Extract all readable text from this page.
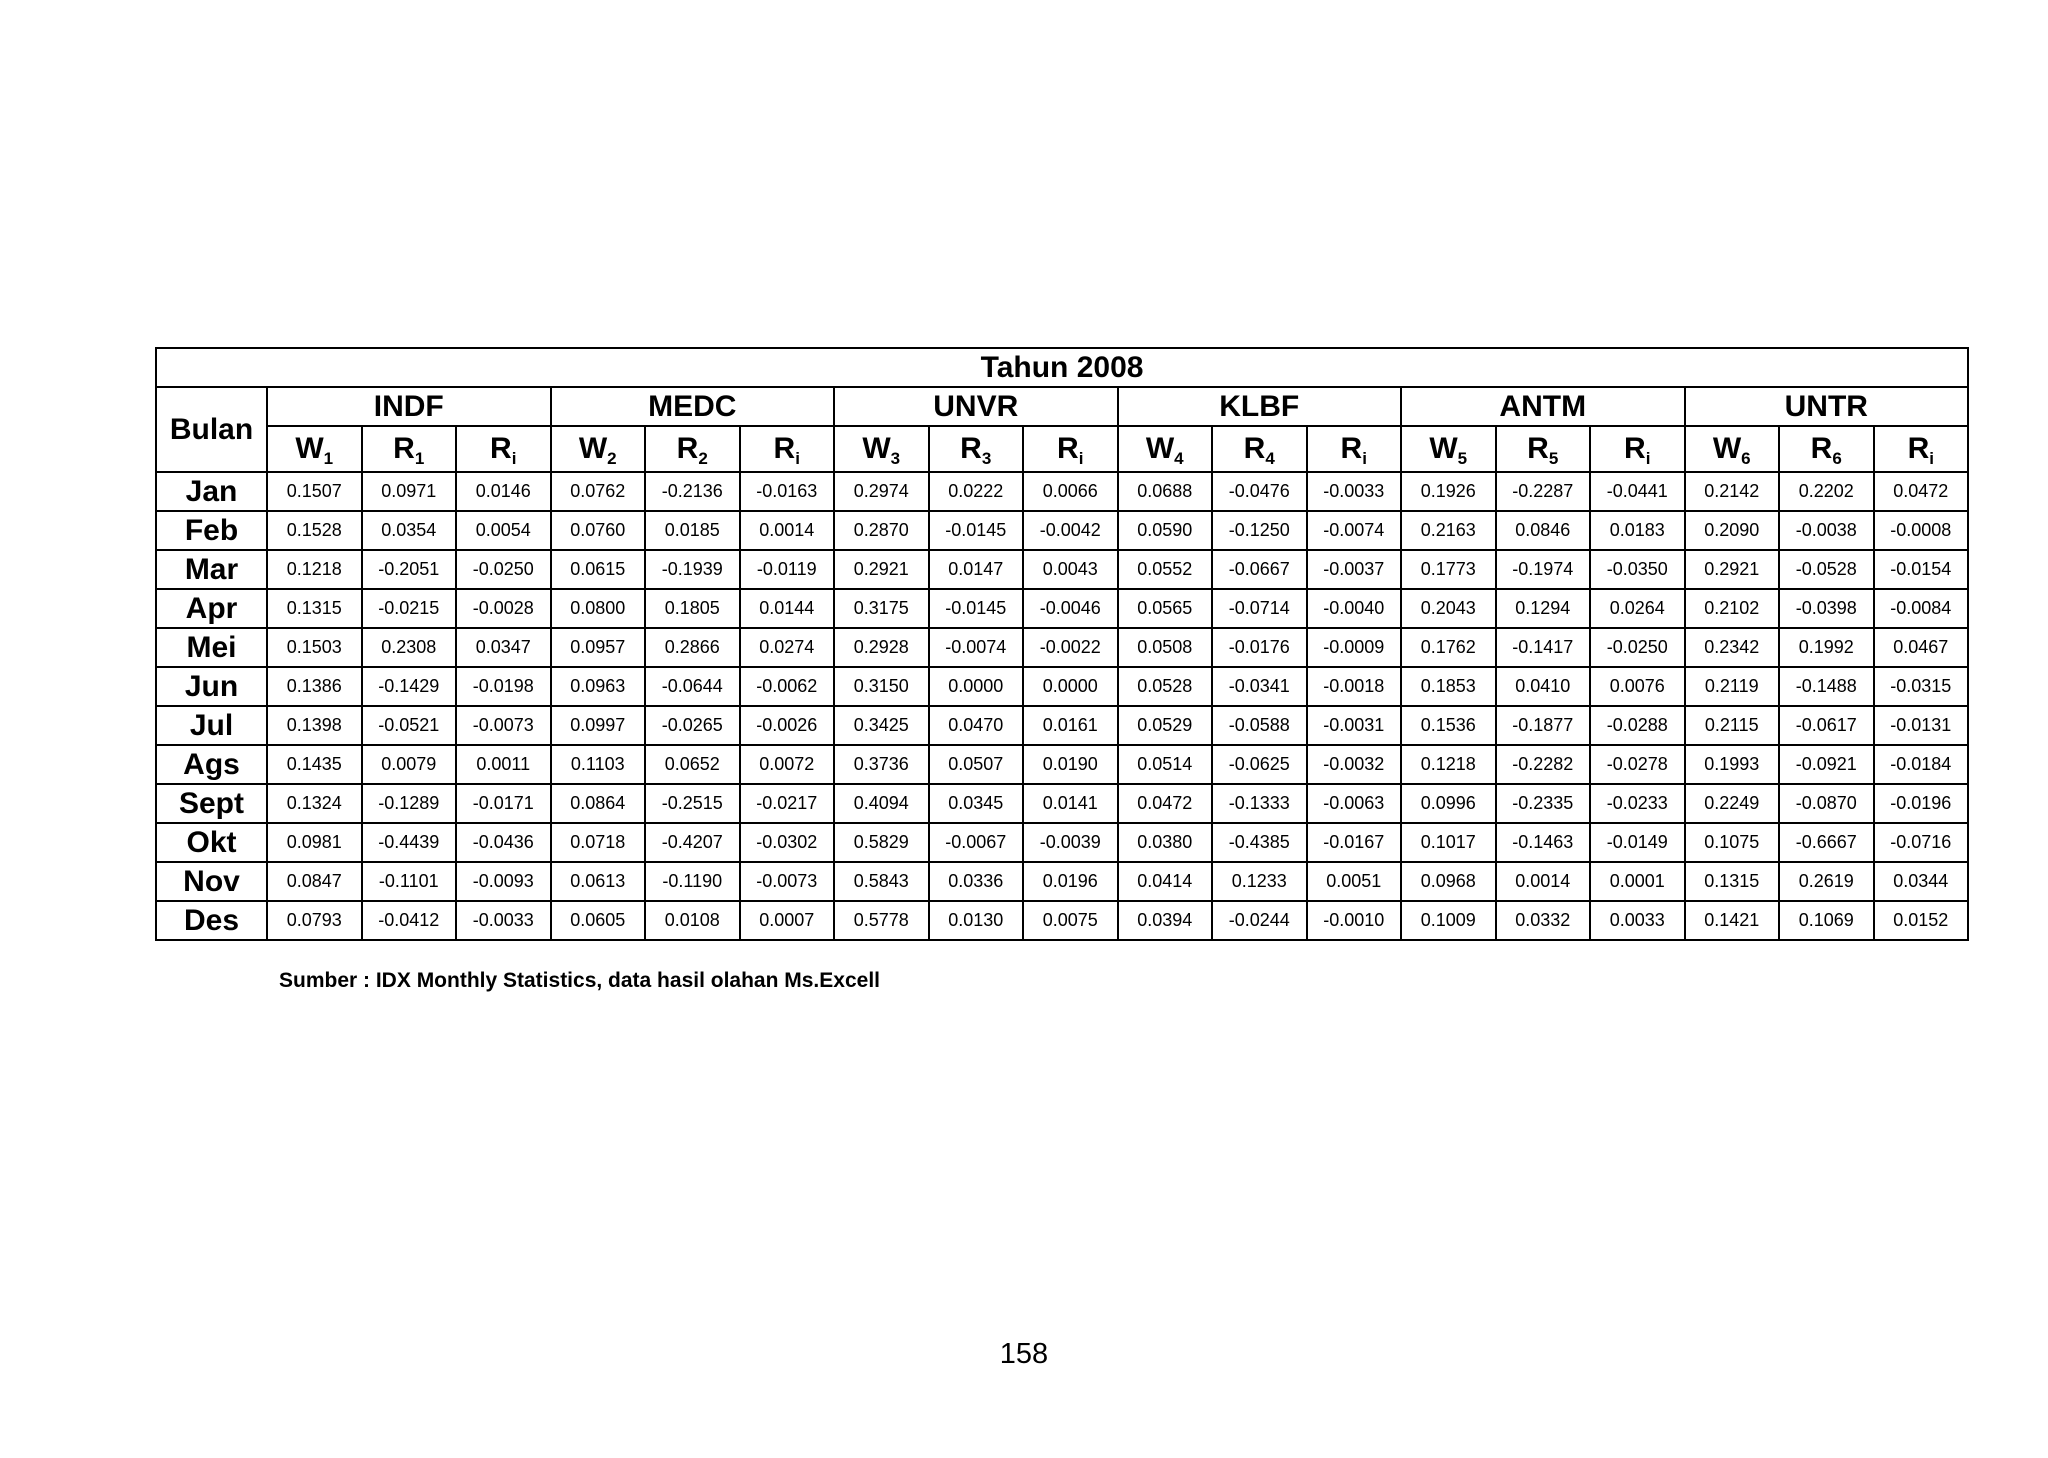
Tahun 2008																		
Bulan	INDF			MEDC			UNVR			KLBF			ANTM			UNTR		
	$W_1$	$R_1$	$R_i$	$W_2$	$R_2$	$R_i$	$W_3$	$R_3$	$R_i$	$W_4$	$R_4$	$R_i$	$W_5$	$R_5$	$R_i$	$W_6$	$R_6$	$R_i$
Jan	0.1507	0.0971	0.0146	0.0762	-0.2136	-0.0163	0.2974	0.0222	0.0066	0.0688	-0.0476	-0.0033	0.1926	-0.2287	-0.0441	0.2142	0.2202	0.0472
Feb	0.1528	0.0354	0.0054	0.0760	0.0185	0.0014	0.2870	-0.0145	-0.0042	0.0590	-0.1250	-0.0074	0.2163	0.0846	0.0183	0.2090	-0.0038	-0.0008
Mar	0.1218	-0.2051	-0.0250	0.0615	-0.1939	-0.0119	0.2921	0.0147	0.0043	0.0552	-0.0667	-0.0037	0.1773	-0.1974	-0.0350	0.2921	-0.0528	-0.0154
Apr	0.1315	-0.0215	-0.0028	0.0800	0.1805	0.0144	0.3175	-0.0145	-0.0046	0.0565	-0.0714	-0.0040	0.2043	0.1294	0.0264	0.2102	-0.0398	-0.0084
Mei	0.1503	0.2308	0.0347	0.0957	0.2866	0.0274	0.2928	-0.0074	-0.0022	0.0508	-0.0176	-0.0009	0.1762	-0.1417	-0.0250	0.2342	0.1992	0.0467
Jun	0.1386	-0.1429	-0.0198	0.0963	-0.0644	-0.0062	0.3150	0.0000	0.0000	0.0528	-0.0341	-0.0018	0.1853	0.0410	0.0076	0.2119	-0.1488	-0.0315
Jul	0.1398	-0.0521	-0.0073	0.0997	-0.0265	-0.0026	0.3425	0.0470	0.0161	0.0529	-0.0588	-0.0031	0.1536	-0.1877	-0.0288	0.2115	-0.0617	-0.0131
Ags	0.1435	0.0079	0.0011	0.1103	0.0652	0.0072	0.3736	0.0507	0.0190	0.0514	-0.0625	-0.0032	0.1218	-0.2282	-0.0278	0.1993	-0.0921	-0.0184
Sept	0.1324	-0.1289	-0.0171	0.0864	-0.2515	-0.0217	0.4094	0.0345	0.0141	0.0472	-0.1333	-0.0063	0.0996	-0.2335	-0.0233	0.2249	-0.0870	-0.0196
Okt	0.0981	-0.4439	-0.0436	0.0718	-0.4207	-0.0302	0.5829	-0.0067	-0.0039	0.0380	-0.4385	-0.0167	0.1017	-0.1463	-0.0149	0.1075	-0.6667	-0.0716
Nov	0.0847	-0.1101	-0.0093	0.0613	-0.1190	-0.0073	0.5843	0.0336	0.0196	0.0414	0.1233	0.0051	0.0968	0.0014	0.0001	0.1315	0.2619	0.0344
Des	0.0793	-0.0412	-0.0033	0.0605	0.0108	0.0007	0.5778	0.0130	0.0075	0.0394	-0.0244	-0.0010	0.1009	0.0332	0.0033	0.1421	0.1069	0.0152
Sumber : IDX Monthly Statistics, data hasil olahan Ms.Excell
158
